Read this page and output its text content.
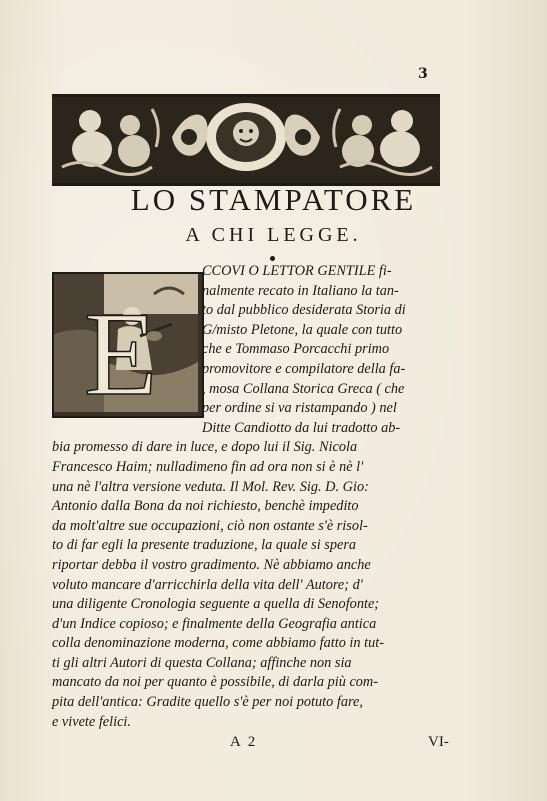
3
LO STAMPATORE
A CHI LEGGE.
E
CCOVI O LETTOR GENTILE fi-
nalmente recato in Italiano la tan-
to dal pubblico desiderata Storia di
G/misto Pletone, la quale con tutto
che e Tommaso Porcacchi primo
promovitore e compilatore della fa-
, mosa Collana Storica Greca ( che
per ordine si va ristampando ) nel
Ditte Candiotto da lui tradotto ab-
bia promesso di dare in luce, e dopo lui il Sig. Nicola
Francesco Haim; nulladimeno fin ad ora non si è nè l'
una nè l'altra versione veduta. Il Mol. Rev. Sig. D. Gio:
Antonio dalla Bona da noi richiesto, benchè impedito
da molt'altre sue occupazioni, ciò non ostante s'è risol-
to di far egli la presente traduzione, la quale si spera
riportar debba il vostro gradimento. Nè abbiamo anche
voluto mancare d'arricchirla della vita dell' Autore; d'
una diligente Cronologia seguente a quella di Senofonte;
d'un Indice copioso; e finalmente della Geografia antica
colla denominazione moderna, come abbiamo fatto in tut-
ti gli altri Autori di questa Collana; affinche non sia
mancato da noi per quanto è possibile, di darla più com-
pita dell'antica: Gradite quello s'è per noi potuto fare,
e vivete felici.
A 2	VI-
